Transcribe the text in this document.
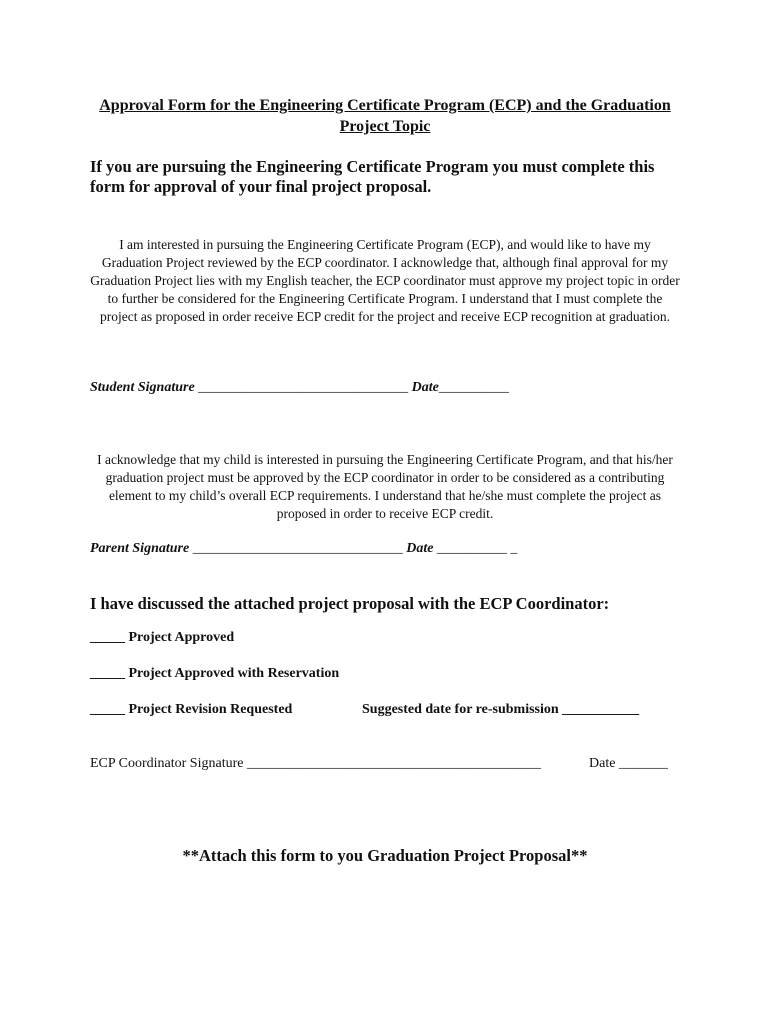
Approval Form for the Engineering Certificate Program (ECP) and the Graduation Project Topic
If you are pursuing the Engineering Certificate Program you must complete this form for approval of your final project proposal.
I am interested in pursuing the Engineering Certificate Program (ECP), and would like to have my Graduation Project reviewed by the ECP coordinator. I acknowledge that, although final approval for my Graduation Project lies with my English teacher, the ECP coordinator must approve my project topic in order to further be considered for the Engineering Certificate Program. I understand that I must complete the project as proposed in order receive ECP credit for the project and receive ECP recognition at graduation.
Student Signature ______________________________ Date__________
I acknowledge that my child is interested in pursuing the Engineering Certificate Program, and that his/her graduation project must be approved by the ECP coordinator in order to be considered as a contributing element to my child’s overall ECP requirements. I understand that he/she must complete the project as proposed in order to receive ECP credit.
Parent Signature ______________________________ Date __________ _
I have discussed the attached project proposal with the ECP Coordinator:
_____ Project Approved
_____ Project Approved with Reservation
_____ Project Revision Requested	Suggested date for re-submission ___________
ECP Coordinator Signature __________________________________________	Date _______
**Attach this form to you Graduation Project Proposal**
